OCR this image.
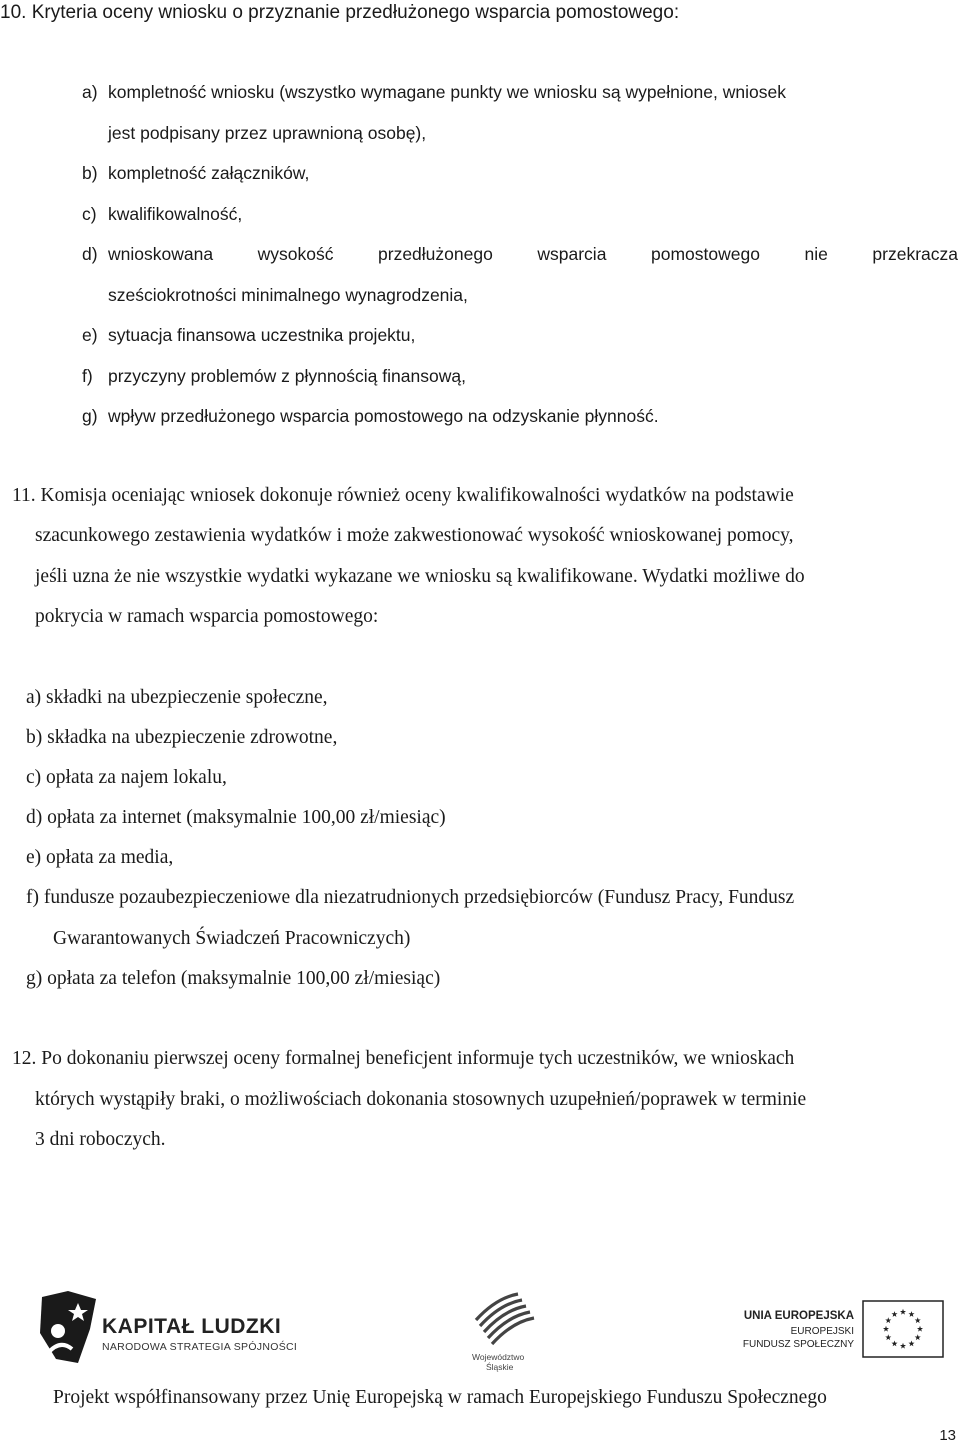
10. Kryteria oceny wniosku o przyznanie przedłużonego wsparcia pomostowego:
a) kompletność wniosku (wszystko wymagane punkty we wniosku są wypełnione, wniosek
jest podpisany przez uprawnioną osobę),
b) kompletność załączników,
c) kwalifikowalność,
d) wnioskowana	wysokość	przedłużonego	wsparcia	pomostowego	nie	przekracza
sześciokrotności minimalnego wynagrodzenia,
e) sytuacja finansowa uczestnika projektu,
f) przyczyny problemów z płynnością finansową,
g) wpływ przedłużonego wsparcia pomostowego na odzyskanie płynność.
11. Komisja oceniając wniosek dokonuje również oceny kwalifikowalności wydatków na podstawie
szacunkowego zestawienia wydatków i może zakwestionować wysokość wnioskowanej pomocy,
jeśli uzna że nie wszystkie wydatki wykazane we wniosku są kwalifikowane. Wydatki możliwe do
pokrycia w ramach wsparcia pomostowego:
a) składki na ubezpieczenie społeczne,
b) składka na ubezpieczenie zdrowotne,
c) opłata za najem lokalu,
d) opłata za internet (maksymalnie 100,00 zł/miesiąc)
e) opłata za media,
f) fundusze pozaubezpieczeniowe dla niezatrudnionych przedsiębiorców (Fundusz Pracy, Fundusz
Gwarantowanych Świadczeń Pracowniczych)
g) opłata za telefon (maksymalnie 100,00 zł/miesiąc)
12. Po dokonaniu pierwszej oceny formalnej beneficjent informuje tych uczestników, we wnioskach
których wystąpiły braki, o możliwościach dokonania stosownych uzupełnień/poprawek w terminie
3 dni roboczych.
KAPITAŁ LUDZKI
NARODOWA STRATEGIA SPÓJNOŚCI
Województwo
Śląskie
UNIA EUROPEJSKA
EUROPEJSKI
FUNDUSZ SPOŁECZNY
Projekt współfinansowany przez Unię Europejską w ramach Europejskiego Funduszu Społecznego
13
